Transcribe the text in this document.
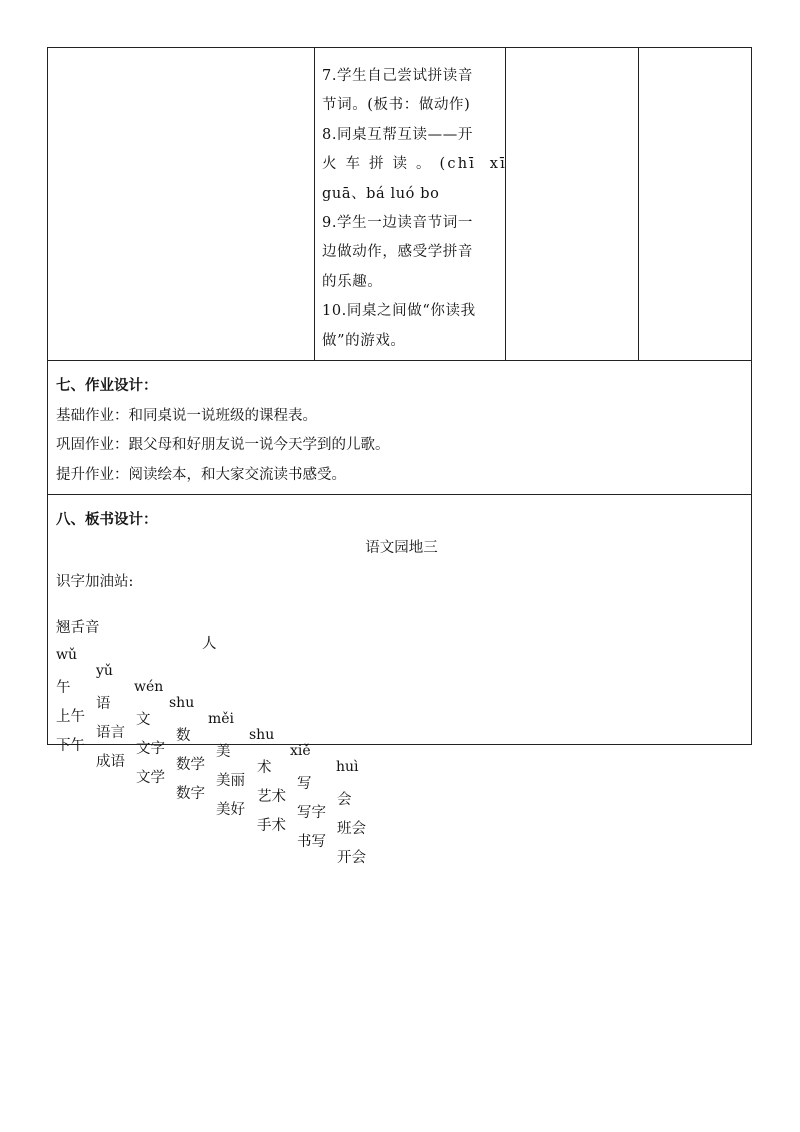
7.学生自己尝试拼读音
节词。(板书：做动作)
8.同桌互帮互读——开
火 车 拼 读 。 (chī  xī
guā、bá luó bo
9.学生一边读音节词一
边做动作，感受学拼音
的乐趣。
10.同桌之间做“你读我
做”的游戏。
七、作业设计：
基础作业：和同桌说一说班级的课程表。
巩固作业：跟父母和好朋友说一说今天学到的儿歌。
提升作业：阅读绘本，和大家交流读书感受。
八、板书设计：
语文园地三
识字加油站:

翘舌音

人

wǔ

yǔ

wén

shu

měi

shu

xiě

huì

午

语

文

数

美

术

写

会

上午

语言

文字

数学

美丽

艺术

写字

班会

下午

成语

文学

数字

美好

手术

书写

开会
